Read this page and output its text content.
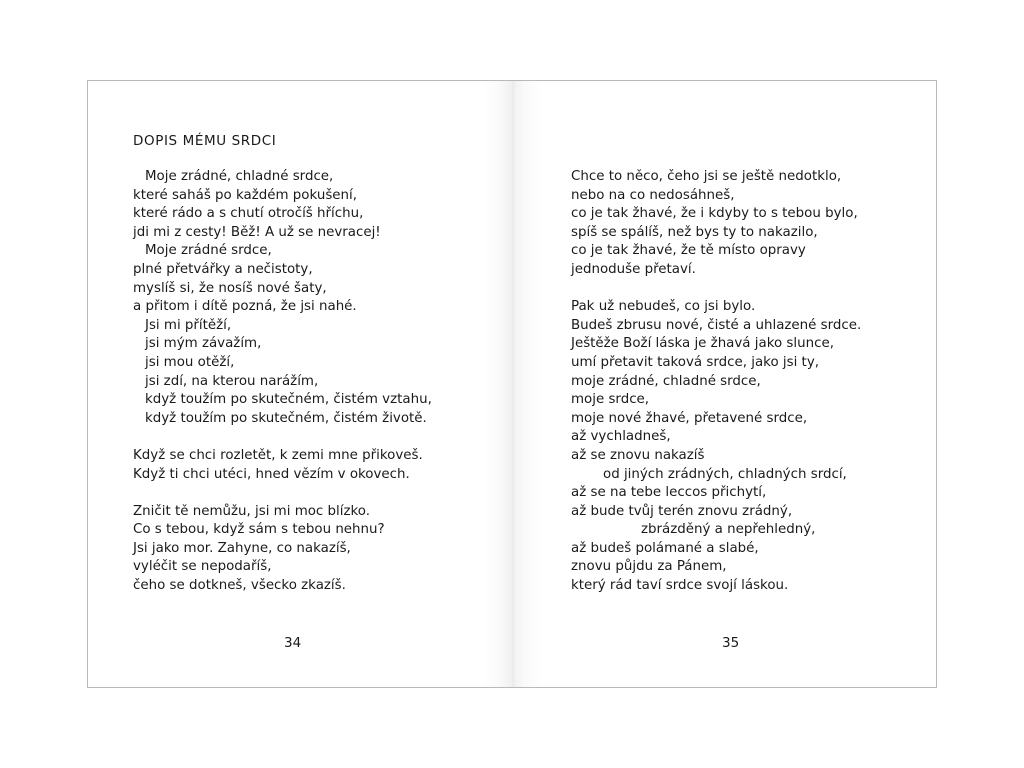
DOPIS MÉMU SRDCI
Moje zrádné, chladné srdce,
které saháš po každém pokušení,
které rádo a s chutí otročíš hříchu,
jdi mi z cesty! Běž! A už se nevracej!
Moje zrádné srdce,
plné přetvářky a nečistoty,
myslíš si, že nosíš nové šaty,
a přitom i dítě pozná, že jsi nahé.
Jsi mi přítěží,
jsi mým závažím,
jsi mou otěží,
jsi zdí, na kterou narážím,
když toužím po skutečném, čistém vztahu,
když toužím po skutečném, čistém životě.
Když se chci rozletět, k zemi mne přikoveš.
Když ti chci utéci, hned vězím v okovech.
Zničit tě nemůžu, jsi mi moc blízko.
Co s tebou, když sám s tebou nehnu?
Jsi jako mor. Zahyne, co nakazíš,
vyléčit se nepodaříš,
čeho se dotkneš, všecko zkazíš.
34
Chce to něco, čeho jsi se ještě nedotklo,
nebo na co nedosáhneš,
co je tak žhavé, že i kdyby to s tebou bylo,
spíš se spálíš, než bys ty to nakazilo,
co je tak žhavé, že tě místo opravy
jednoduše přetaví.
Pak už nebudeš, co jsi bylo.
Budeš zbrusu nové, čisté a uhlazené srdce.
Ještěže Boží láska je žhavá jako slunce,
umí přetavit taková srdce, jako jsi ty,
moje zrádné, chladné srdce,
moje srdce,
moje nové žhavé, přetavené srdce,
až vychladneš,
až se znovu nakazíš
od jiných zrádných, chladných srdcí,
až se na tebe leccos přichytí,
až bude tvůj terén znovu zrádný,
zbrázděný a nepřehledný,
až budeš polámané a slabé,
znovu půjdu za Pánem,
který rád taví srdce svojí láskou.
35
